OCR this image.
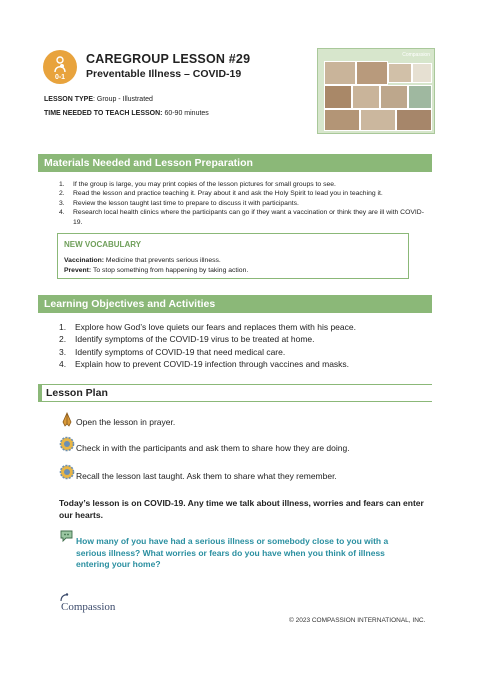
0-1
CAREGROUP LESSON #29
Preventable Illness – COVID-19
LESSON TYPE: Group - Illustrated
TIME NEEDED TO TEACH LESSON: 60-90 minutes
Compassion
Materials Needed and Lesson Preparation
1. If the group is large, you may print copies of the lesson pictures for small groups to see.
2. Read the lesson and practice teaching it. Pray about it and ask the Holy Spirit to lead you in teaching it.
3. Review the lesson taught last time to prepare to discuss it with participants.
4. Research local health clinics where the participants can go if they want a vaccination or think they are ill with COVID-19.
NEW VOCABULARY
Vaccination: Medicine that prevents serious illness.
Prevent: To stop something from happening by taking action.
Learning Objectives and Activities
1. Explore how God’s love quiets our fears and replaces them with his peace.
2. Identify symptoms of the COVID-19 virus to be treated at home.
3. Identify symptoms of COVID-19 that need medical care.
4. Explain how to prevent COVID-19 infection through vaccines and masks.
Lesson Plan
Open the lesson in prayer.
Check in with the participants and ask them to share how they are doing.
Recall the lesson last taught. Ask them to share what they remember.
Today’s lesson is on COVID-19. Any time we talk about illness, worries and fears can enter our hearts.
How many of you have had a serious illness or somebody close to you with a serious illness? What worries or fears do you have when you think of illness entering your home?
Compassion
© 2023 COMPASSION INTERNATIONAL, INC.
